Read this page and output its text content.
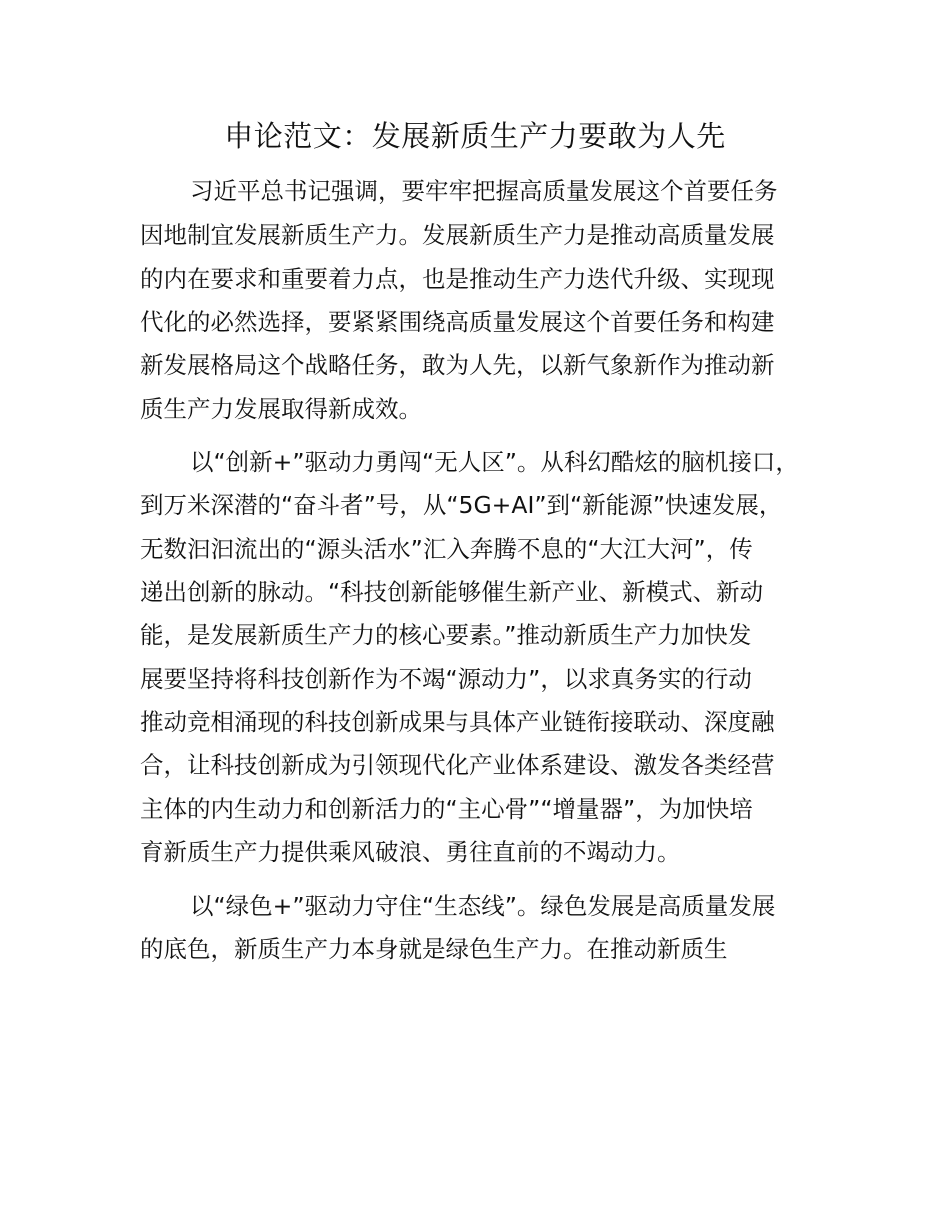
申论范文：发展新质生产力要敢为人先

习近平总书记强调，要牢牢把握高质量发展这个首要任务

因地制宜发展新质生产力。发展新质生产力是推动高质量发展

的内在要求和重要着力点，也是推动生产力迭代升级、实现现

代化的必然选择，要紧紧围绕高质量发展这个首要任务和构建

新发展格局这个战略任务，敢为人先，以新气象新作为推动新

质生产力发展取得新成效。

以“创新+”驱动力勇闯“无人区”。从科幻酷炫的脑机接口，

到万米深潜的“奋斗者”号，从“5G+AI”到“新能源”快速发展，

无数汩汩流出的“源头活水”汇入奔腾不息的“大江大河”，传

递出创新的脉动。“科技创新能够催生新产业、新模式、新动

能，是发展新质生产力的核心要素。”推动新质生产力加快发

展要坚持将科技创新作为不竭“源动力”，以求真务实的行动

推动竞相涌现的科技创新成果与具体产业链衔接联动、深度融

合，让科技创新成为引领现代化产业体系建设、激发各类经营

主体的内生动力和创新活力的“主心骨”“增量器”，为加快培

育新质生产力提供乘风破浪、勇往直前的不竭动力。

以“绿色+”驱动力守住“生态线”。绿色发展是高质量发展

的底色，新质生产力本身就是绿色生产力。在推动新质生
